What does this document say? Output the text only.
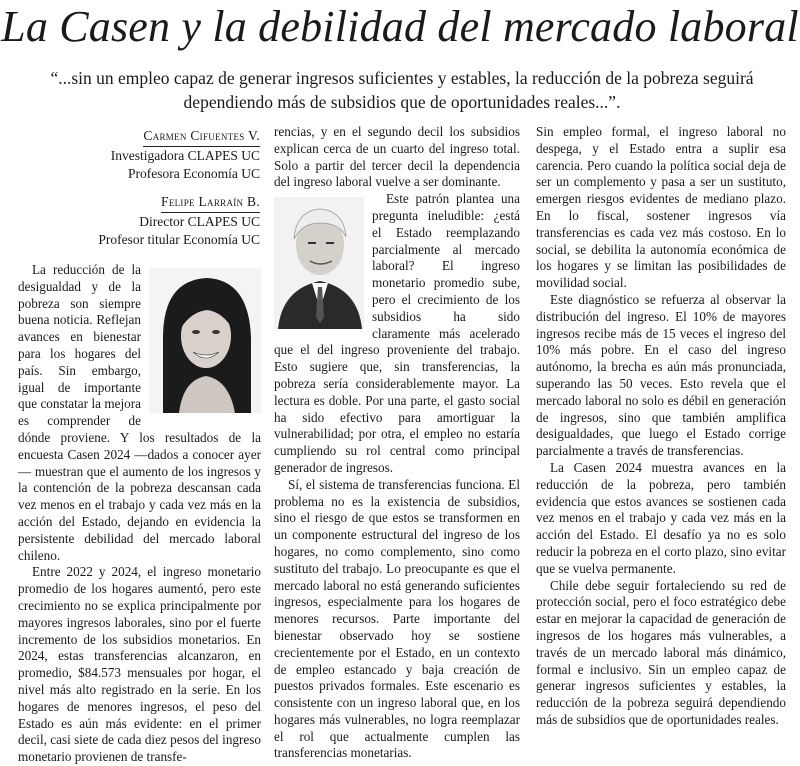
La Casen y la debilidad del mercado laboral
“...sin un empleo capaz de generar ingresos suficientes y estables, la reducción de la pobreza seguirá dependiendo más de subsidios que de oportunidades reales...”.
Carmen Cifuentes V.
Investigadora CLAPES UC
Profesora Economía UC
Felipe Larraín B.
Director CLAPES UC
Profesor titular Economía UC

La reducción de la desigualdad y de la pobreza son siempre buena noticia. Reflejan avances en bienestar para los hogares del país. Sin embargo, igual de importante que constatar la mejora es comprender de dónde proviene. Y los resultados de la encuesta Casen 2024 —dados a conocer ayer— muestran que el aumento de los ingresos y la contención de la pobreza descansan cada vez menos en el trabajo y cada vez más en la acción del Estado, dejando en evidencia la persistente debilidad del mercado laboral chileno.

Entre 2022 y 2024, el ingreso monetario promedio de los hogares aumentó, pero este crecimiento no se explica principalmente por mayores ingresos laborales, sino por el fuerte incremento de los subsidios monetarios. En 2024, estas transferencias alcanzaron, en promedio, $84.573 mensuales por hogar, el nivel más alto registrado en la serie. En los hogares de menores ingresos, el peso del Estado es aún más evidente: en el primer decil, casi siete de cada diez pesos del ingreso monetario provienen de transfe-

rencias, y en el segundo decil los subsidios explican cerca de un cuarto del ingreso total. Solo a partir del tercer decil la dependencia del ingreso laboral vuelve a ser dominante.

Este patrón plantea una pregunta ineludible: ¿está el Estado reemplazando parcialmente al mercado laboral? El ingreso monetario promedio sube, pero el crecimiento de los subsidios ha sido claramente más acelerado que el del ingreso proveniente del trabajo. Esto sugiere que, sin transferencias, la pobreza sería considerablemente mayor. La lectura es doble. Por una parte, el gasto social ha sido efectivo para amortiguar la vulnerabilidad; por otra, el empleo no estaría cumpliendo su rol central como principal generador de ingresos.

Sí, el sistema de transferencias funciona. El problema no es la existencia de subsidios, sino el riesgo de que estos se transformen en un componente estructural del ingreso de los hogares, no como complemento, sino como sustituto del trabajo. Lo preocupante es que el mercado laboral no está generando suficientes ingresos, especialmente para los hogares de menores recursos. Parte importante del bienestar observado hoy se sostiene crecientemente por el Estado, en un contexto de empleo estancado y baja creación de puestos privados formales. Este escenario es consistente con un ingreso laboral que, en los hogares más vulnerables, no logra reemplazar el rol que actualmente cumplen las transferencias monetarias.

Sin empleo formal, el ingreso laboral no despega, y el Estado entra a suplir esa carencia. Pero cuando la política social deja de ser un complemento y pasa a ser un sustituto, emergen riesgos evidentes de mediano plazo. En lo fiscal, sostener ingresos vía transferencias es cada vez más costoso. En lo social, se debilita la autonomía económica de los hogares y se limitan las posibilidades de movilidad social.

Este diagnóstico se refuerza al observar la distribución del ingreso. El 10% de mayores ingresos recibe más de 15 veces el ingreso del 10% más pobre. En el caso del ingreso autónomo, la brecha es aún más pronunciada, superando las 50 veces. Esto revela que el mercado laboral no solo es débil en generación de ingresos, sino que también amplifica desigualdades, que luego el Estado corrige parcialmente a través de transferencias.

La Casen 2024 muestra avances en la reducción de la pobreza, pero también evidencia que estos avances se sostienen cada vez menos en el trabajo y cada vez más en la acción del Estado. El desafío ya no es solo reducir la pobreza en el corto plazo, sino evitar que se vuelva permanente.

Chile debe seguir fortaleciendo su red de protección social, pero el foco estratégico debe estar en mejorar la capacidad de generación de ingresos de los hogares más vulnerables, a través de un mercado laboral más dinámico, formal e inclusivo. Sin un empleo capaz de generar ingresos suficientes y estables, la reducción de la pobreza seguirá dependiendo más de subsidios que de oportunidades reales.
